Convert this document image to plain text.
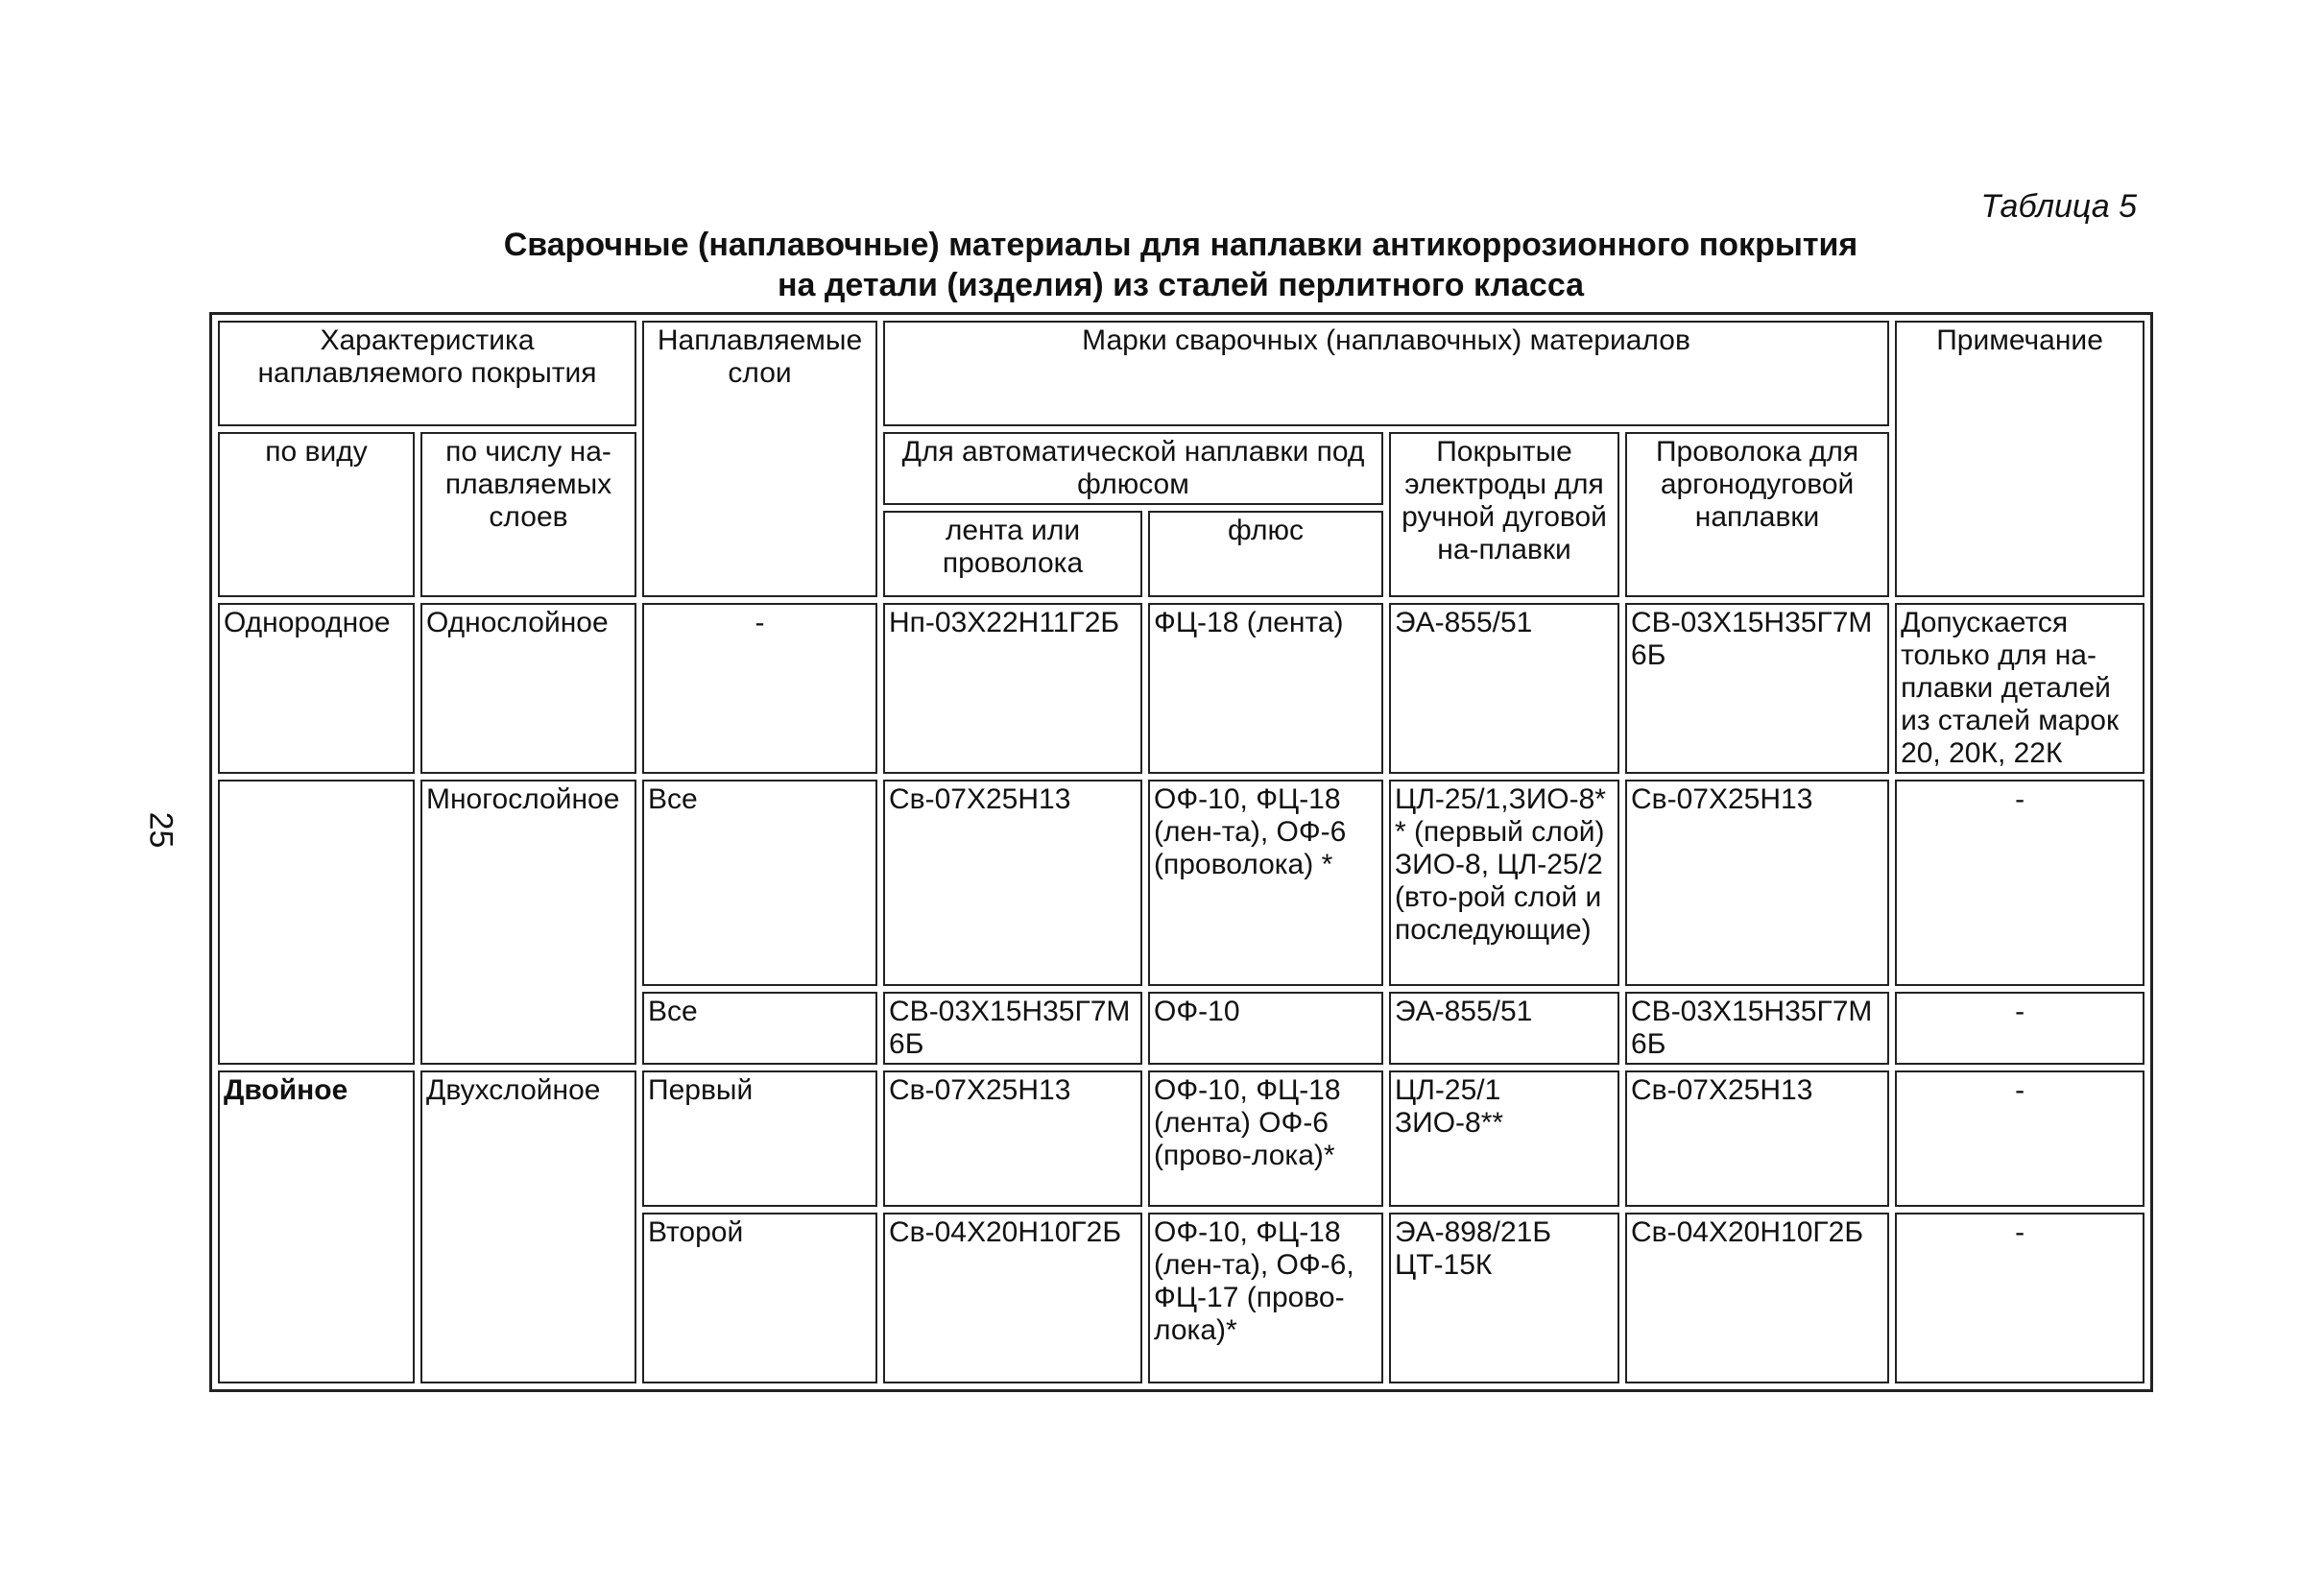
Таблица 5
Сварочные (наплавочные) материалы для наплавки антикоррозионного покрытия
на детали (изделия) из сталей перлитного класса
25
Характеристика наплавляемого покрытия		Наплавляемые слои	Марки сварочных (наплавочных) материалов				Примечание
по виду	по числу на-плавляемых слоев		Для автоматической наплавки под флюсом		Покрытые электроды для ручной дуговой на-плавки	Проволока для аргонодуговой наплавки	
			лента или проволока	флюс			
Однородное	Однослойное	-	Нп-03Х22Н11Г2Б	ФЦ-18 (лента)	ЭА-855/51	СВ-03Х15Н35Г7М6Б	Допускается только для на-плавки деталей из сталей марок 20, 20К, 22К
	Многослойное	Все	Св-07Х25Н13	ОФ-10, ФЦ-18 (лен-та), ОФ-6 (проволока) *	ЦЛ-25/1,ЗИО-8** (первый слой) ЗИО-8, ЦЛ-25/2 (вто-рой слой и последующие)	Св-07Х25Н13	-
		Все	СВ-03Х15Н35Г7М6Б	ОФ-10	ЭА-855/51	СВ-03Х15Н35Г7М6Б	-
Двойное	Двухслойное	Первый	Св-07Х25Н13	ОФ-10, ФЦ-18 (лента) ОФ-6 (прово-лока)*	ЦЛ-25/1 ЗИО-8**	Св-07Х25Н13	-
		Второй	Св-04Х20Н10Г2Б	ОФ-10, ФЦ-18 (лен-та), ОФ-6, ФЦ-17 (прово-лока)*	ЭА-898/21Б ЦТ-15К	Св-04Х20Н10Г2Б	-
